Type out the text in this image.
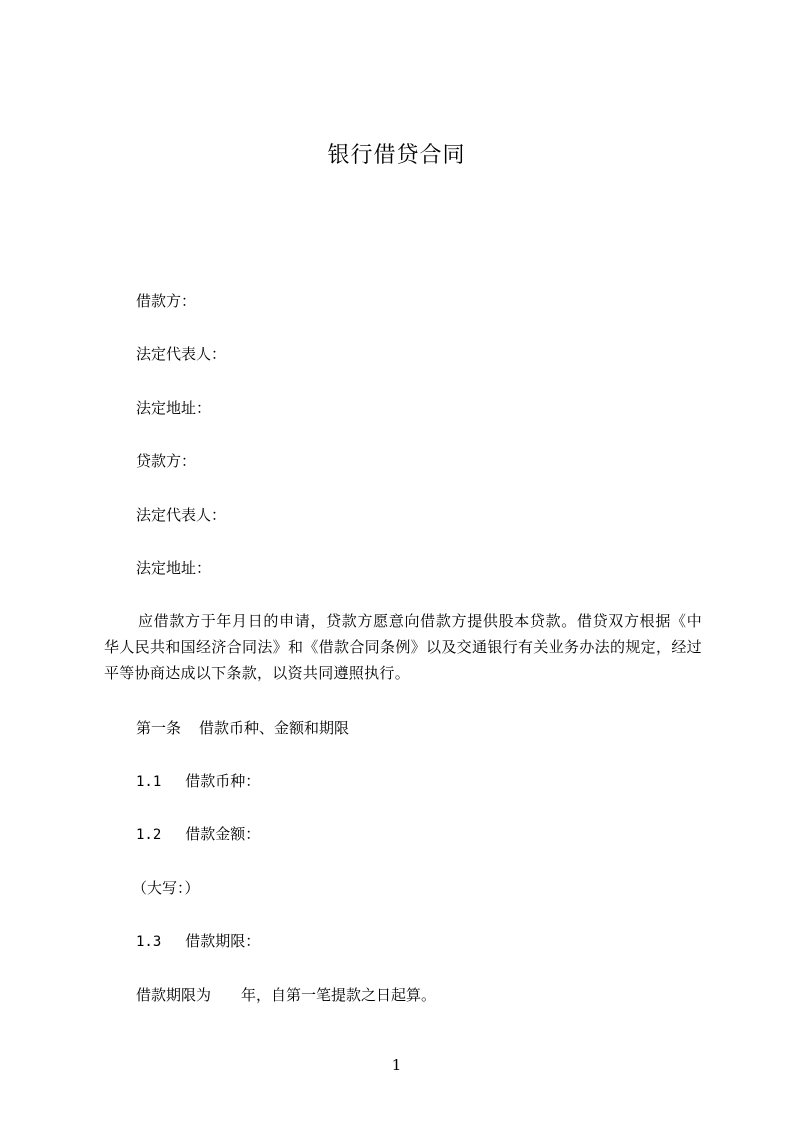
银行借贷合同
借款方：
法定代表人：
法定地址：
贷款方：
法定代表人：
法定地址：
应借款方于年月日的申请，贷款方愿意向借款方提供股本贷款。借贷双方根据《中华人民共和国经济合同法》和《借款合同条例》以及交通银行有关业务办法的规定，经过平等协商达成以下条款，以资共同遵照执行。
第一条 借款币种、金额和期限
1.1 借款币种：
1.2 借款金额：
（大写：）
1.3 借款期限：
借款期限为 年，自第一笔提款之日起算。
1
